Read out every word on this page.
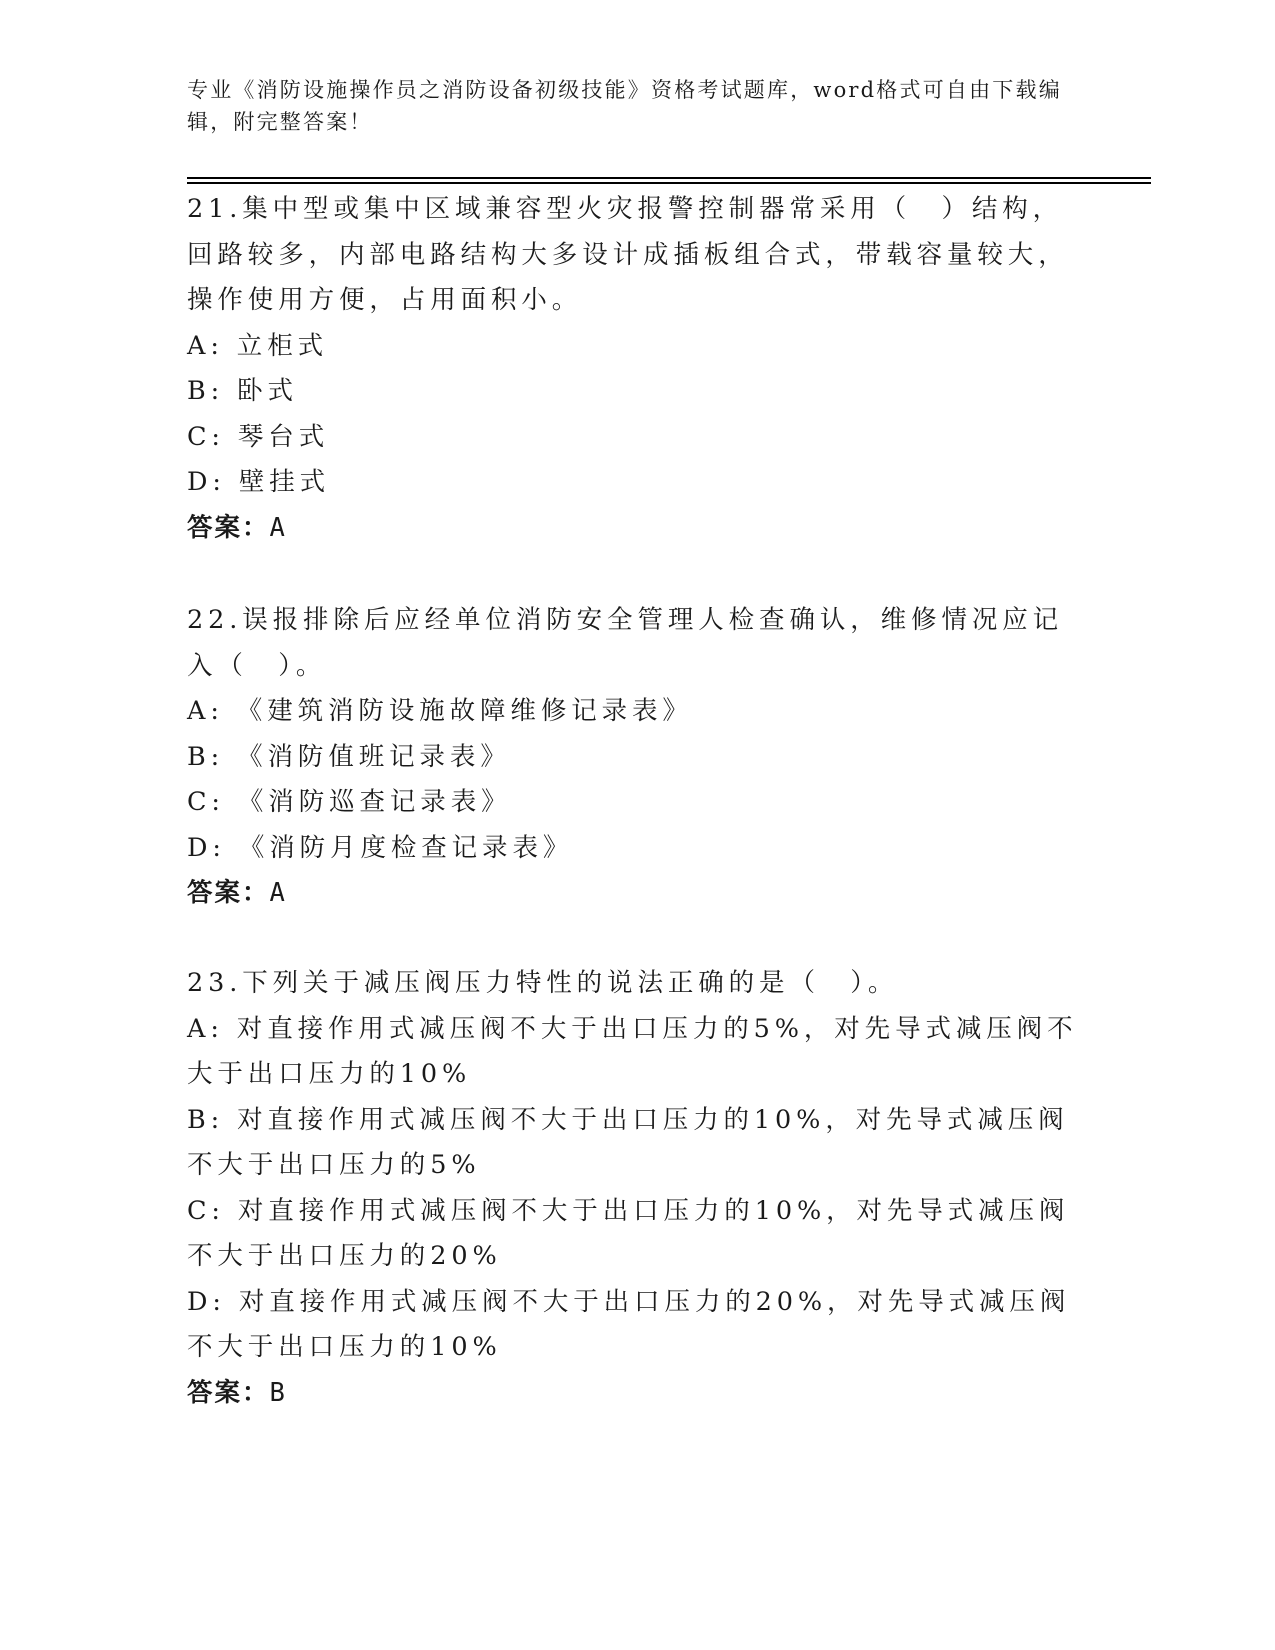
专业《消防设施操作员之消防设备初级技能》资格考试题库，word格式可自由下载编辑，附完整答案！

21.集中型或集中区域兼容型火灾报警控制器常采用（　）结构，回路较多，内部电路结构大多设计成插板组合式，带载容量较大，操作使用方便，占用面积小。

A: 立柜式

B: 卧式

C: 琴台式

D: 壁挂式

答案：A

22.误报排除后应经单位消防安全管理人检查确认，维修情况应记入（　）。

A: 《建筑消防设施故障维修记录表》

B: 《消防值班记录表》

C: 《消防巡查记录表》

D: 《消防月度检查记录表》

答案：A

23.下列关于减压阀压力特性的说法正确的是（　）。

A: 对直接作用式减压阀不大于出口压力的5%，对先导式减压阀不大于出口压力的10%

B: 对直接作用式减压阀不大于出口压力的10%，对先导式减压阀不大于出口压力的5%

C: 对直接作用式减压阀不大于出口压力的10%，对先导式减压阀不大于出口压力的20%

D: 对直接作用式减压阀不大于出口压力的20%，对先导式减压阀不大于出口压力的10%

答案：B
